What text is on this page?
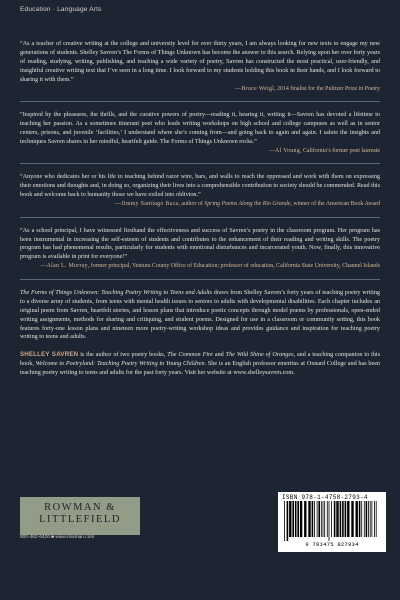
Education · Language Arts

“As a teacher of creative writing at the college and university level for over thirty years, I am always looking for new texts to engage my new generations of students. Shelley Savren’s The Forms of Things Unknown has become the answer to this search. Relying upon her over forty years of reading, studying, writing, publishing, and teaching a wide variety of poetry, Savren has constructed the most practical, user-friendly, and insightful creative writing text that I’ve seen in a long time. I look forward to my students holding this book in their hands, and I look forward to sharing it with them.”

—Bruce Weigl, 2014 finalist for the Pulitzer Prize in Poetry

“Inspired by the pleasures, the thrills, and the curative powers of poetry—reading it, hearing it, writing it—Savren has devoted a lifetime to teaching her passion. As a sometimes itinerant poet who leads writing workshops on high school and college campuses as well as in senior centers, prisons, and juvenile ‘facilities,’ I understand where she’s coming from—and going back to again and again. I salute the insights and techniques Savren shares in her mindful, heartfelt guide. The Forms of Things Unknown rocks.”

—Al Young, California’s former poet laureate

“Anyone who dedicates her or his life to teaching behind razor wire, bars, and walls to reach the oppressed and work with them on expressing their emotions and thoughts and, in doing so, organizing their lives into a comprehensible contribution to society should be commended. Read this book and welcome back to humanity those we have exiled into oblivion.”

—Jimmy Santiago Baca, author of Spring Poems Along the Rio Grande, winner of the American Book Award

“As a school principal, I have witnessed firsthand the effectiveness and success of Savren’s poetry in the classroom program. Her program has been instrumental in increasing the self-esteem of students and contributes to the enhancement of their reading and writing skills. The poetry program has had phenomenal results, particularly for students with emotional disturbances and incarcerated youth. Now, finally, this innovative program is available in print for everyone!”

—Alan L. Murray, former principal, Ventura County Office of Education; professor of education, California State University, Channel Islands

The Forms of Things Unknown: Teaching Poetry Writing to Teens and Adults draws from Shelley Savren’s forty years of teaching poetry writing to a diverse array of students, from teens with mental health issues to seniors to adults with developmental disabilities. Each chapter includes an original poem from Savren, heartfelt stories, and lesson plans that introduce poetic concepts through model poems by professionals, open-ended writing assignments, methods for sharing and critiquing, and student poems. Designed for use in a classroom or community setting, this book features forty-one lesson plans and nineteen more poetry-writing workshop ideas and provides guidance and inspiration for teaching poetry writing to teens and adults.

SHELLEY SAVREN is the author of two poetry books, The Common Fire and The Wild Shine of Oranges, and a teaching companion to this book, Welcome to Poetryland: Teaching Poetry Writing to Young Children. She is an English professor emeritus at Oxnard College and has been teaching poetry writing to teens and adults for the past forty years. Visit her website at www.shelleysavren.com.

ROWMAN &
LITTLEFIELD
800-462-6420 ■ www.rowman.com
ISBN 978-1-4758-2793-4
9 781475 827934
